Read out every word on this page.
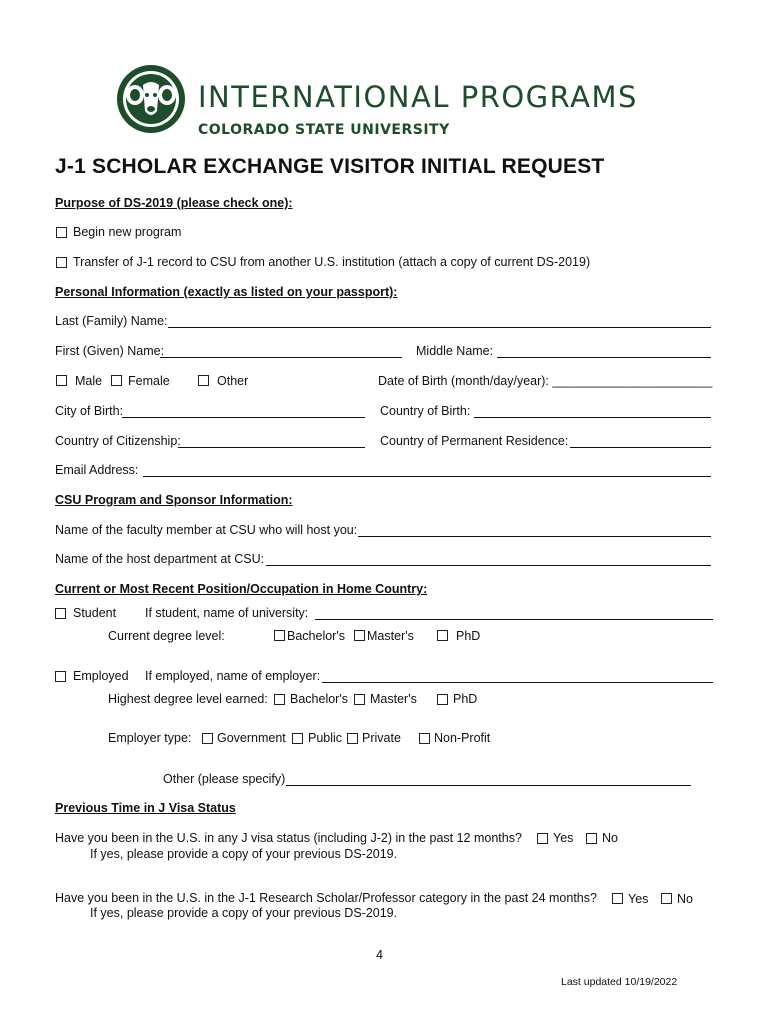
INTERNATIONAL PROGRAMS
COLORADO STATE UNIVERSITY
J-1 SCHOLAR EXCHANGE VISITOR INITIAL REQUEST
Purpose of DS-2019 (please check one):
Begin new program
Transfer of J-1 record to CSU from another U.S. institution (attach a copy of current DS-2019)
Personal Information (exactly as listed on your passport):
Last (Family) Name:
First (Given) Name:	Middle Name:
Male Female	Other	Date of Birth (month/day/year): _______________________
City of Birth:	Country of Birth:
Country of Citizenship:	Country of Permanent Residence:
Email Address:
CSU Program and Sponsor Information:
Name of the faculty member at CSU who will host you:
Name of the host department at CSU:
Current or Most Recent Position/Occupation in Home Country:
Student If student, name of university:
Current degree level:	Bachelor's Master's	PhD
Employed If employed, name of employer:
Highest degree level earned: Bachelor's Master's	PhD
Employer type: Government Public Private	Non-Profit
Other (please specify)
Previous Time in J Visa Status
Have you been in the U.S. in any J visa status (including J-2) in the past 12 months? Yes No
If yes, please provide a copy of your previous DS-2019.
Have you been in the U.S. in the J-1 Research Scholar/Professor category in the past 24 months? Yes No
If yes, please provide a copy of your previous DS-2019.
4
Last updated 10/19/2022
